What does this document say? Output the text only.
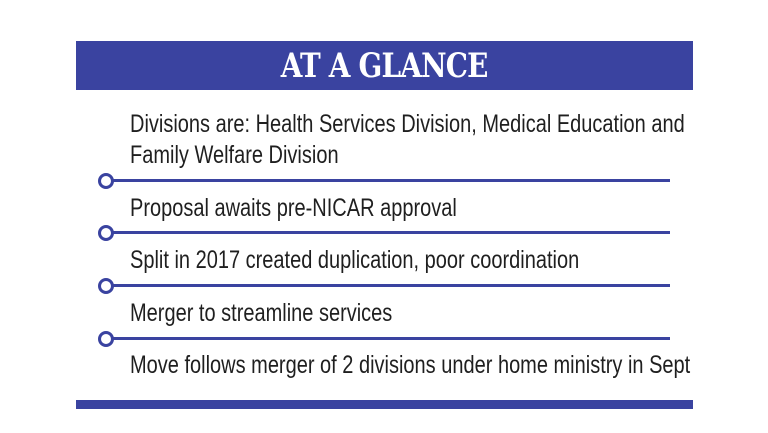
AT A GLANCE
Divisions are: Health Services Division, Medical Education and
Family Welfare Division
Proposal awaits pre-NICAR approval
Split in 2017 created duplication, poor coordination
Merger to streamline services
Move follows merger of 2 divisions under home ministry in Sept
